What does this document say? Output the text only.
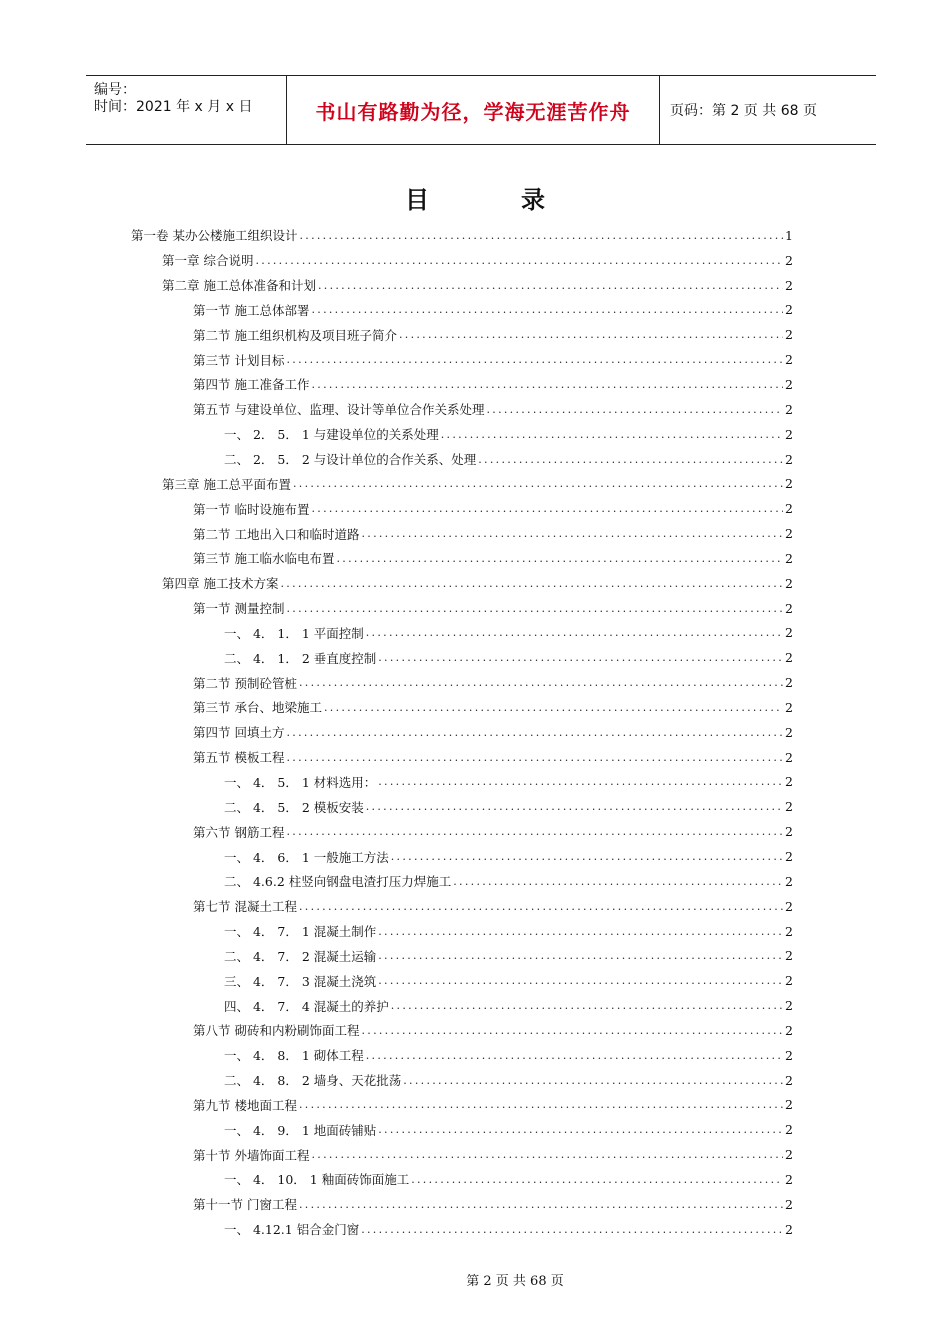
编号：
时间：2021 年 x 月 x 日	书山有路勤为径，学海无涯苦作舟	页码：第 2 页 共 68 页
目	录
第一卷 某办公楼施工组织设计 .....	1
第一章 综合说明 .....	2
第二章 施工总体准备和计划 .....	2
第一节 施工总体部署 .....	2
第二节 施工组织机构及项目班子简介 .....	2
第三节 计划目标 .....	2
第四节 施工准备工作 .....	2
第五节 与建设单位、监理、设计等单位合作关系处理 .....	2
一、 2． 5． 1 与建设单位的关系处理 .....	2
二、 2． 5． 2 与设计单位的合作关系、处理 .....	2
第三章 施工总平面布置 .....	2
第一节 临时设施布置 .....	2
第二节 工地出入口和临时道路 .....	2
第三节 施工临水临电布置 .....	2
第四章 施工技术方案 .....	2
第一节 测量控制 .....	2
一、 4． 1． 1 平面控制 .....	2
二、 4． 1． 2 垂直度控制 .....	2
第二节 预制砼管桩 .....	2
第三节 承台、地梁施工 .....	2
第四节 回填土方 .....	2
第五节 模板工程 .....	2
一、 4． 5． 1 材料选用： .....	2
二、 4． 5． 2 模板安装 .....	2
第六节 钢筋工程 .....	2
一、 4． 6． 1 一般施工方法 .....	2
二、 4.6.2 柱竖向钢盘电渣打压力焊施工 .....	2
第七节 混凝土工程 .....	2
一、 4． 7． 1 混凝土制作 .....	2
二、 4． 7． 2 混凝土运输 .....	2
三、 4． 7． 3 混凝土浇筑 .....	2
四、 4． 7． 4 混凝土的养护 .....	2
第八节 砌砖和内粉刷饰面工程 .....	2
一、 4． 8． 1 砌体工程 .....	2
二、 4． 8． 2 墙身、天花批荡 .....	2
第九节 楼地面工程 .....	2
一、 4． 9． 1 地面砖铺贴 .....	2
第十节 外墙饰面工程 .....	2
一、 4． 10． 1 釉面砖饰面施工 .....	2
第十一节 门窗工程 .....	2
一、 4.12.1 铝合金门窗 .....	2
第 2 页 共 68 页
